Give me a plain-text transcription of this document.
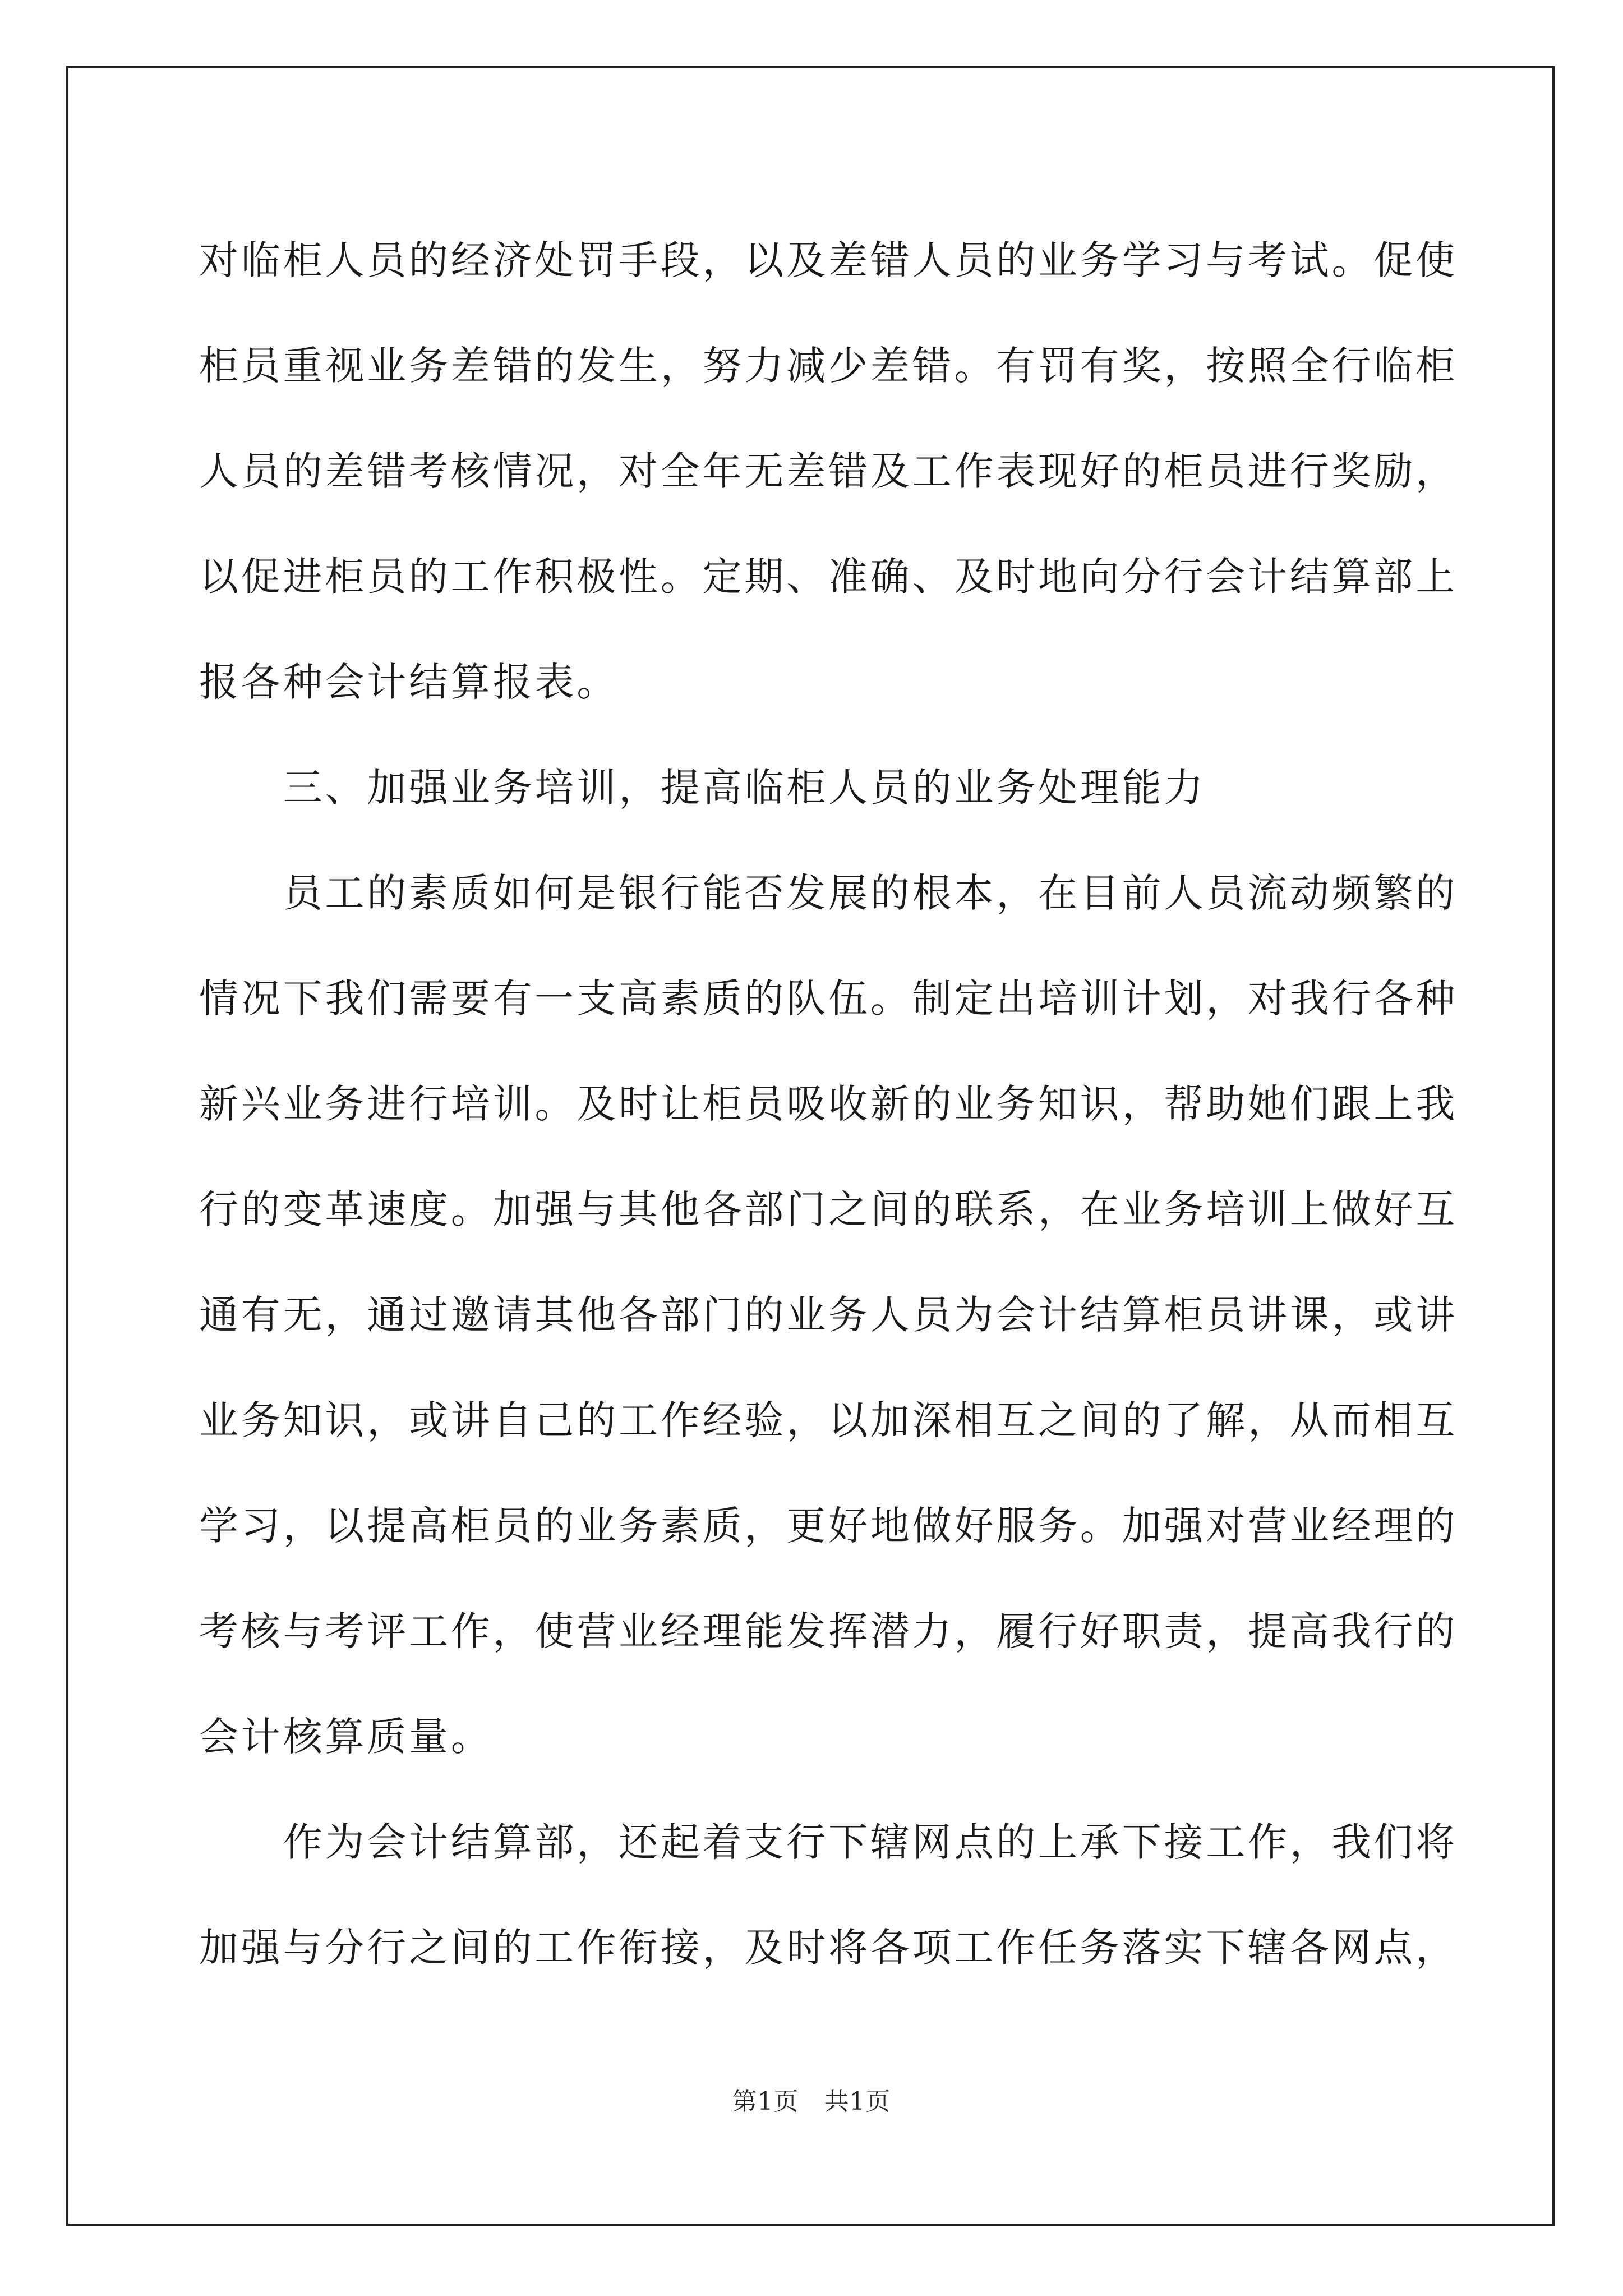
对临柜人员的经济处罚手段，以及差错人员的业务学习与考试。促使
柜员重视业务差错的发生，努力减少差错。有罚有奖，按照全行临柜
人员的差错考核情况，对全年无差错及工作表现好的柜员进行奖励，
以促进柜员的工作积极性。定期、准确、及时地向分行会计结算部上
报各种会计结算报表。
　　三、加强业务培训，提高临柜人员的业务处理能力
　　员工的素质如何是银行能否发展的根本，在目前人员流动频繁的
情况下我们需要有一支高素质的队伍。制定出培训计划，对我行各种
新兴业务进行培训。及时让柜员吸收新的业务知识，帮助她们跟上我
行的变革速度。加强与其他各部门之间的联系，在业务培训上做好互
通有无，通过邀请其他各部门的业务人员为会计结算柜员讲课，或讲
业务知识，或讲自己的工作经验，以加深相互之间的了解，从而相互
学习，以提高柜员的业务素质，更好地做好服务。加强对营业经理的
考核与考评工作，使营业经理能发挥潜力，履行好职责，提高我行的
会计核算质量。
　　作为会计结算部，还起着支行下辖网点的上承下接工作，我们将
加强与分行之间的工作衔接，及时将各项工作任务落实下辖各网点，
第1页　共1页
